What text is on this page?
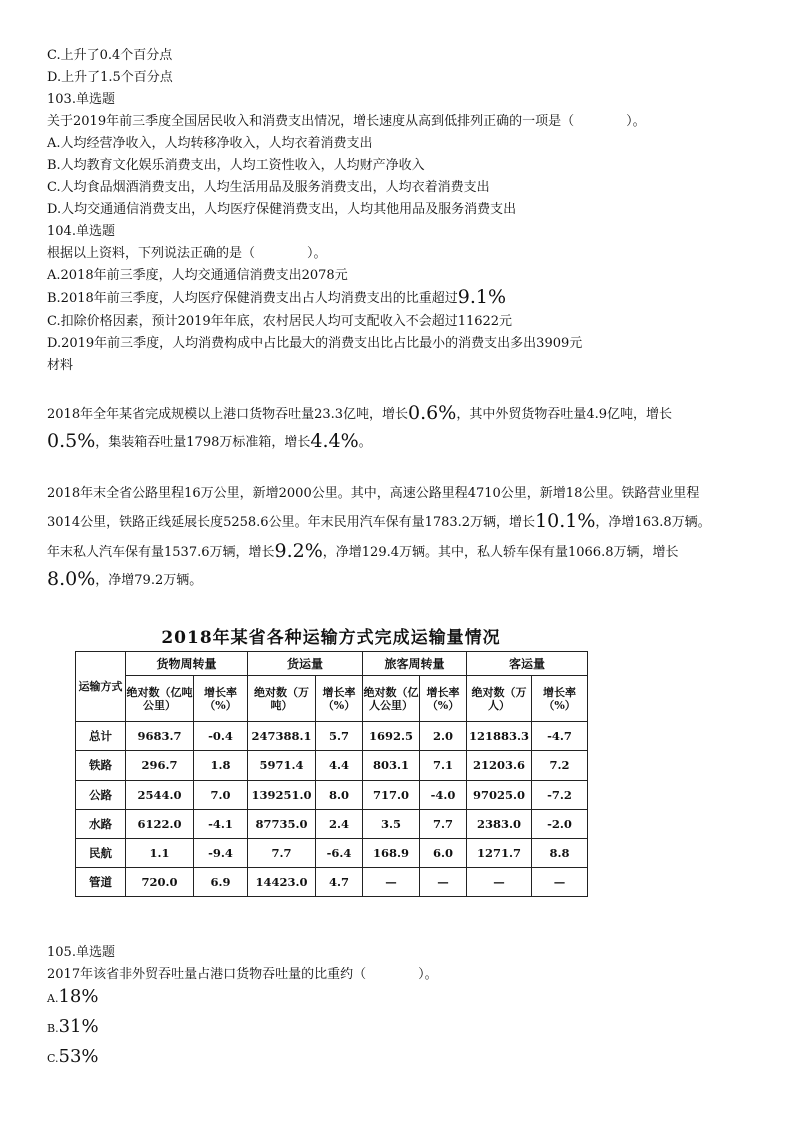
C.上升了0.4个百分点
D.上升了1.5个百分点
103.单选题
关于2019年前三季度全国居民收入和消费支出情况，增长速度从高到低排列正确的一项是（　　　　）。
A.人均经营净收入，人均转移净收入，人均衣着消费支出
B.人均教育文化娱乐消费支出，人均工资性收入，人均财产净收入
C.人均食品烟酒消费支出，人均生活用品及服务消费支出，人均衣着消费支出
D.人均交通通信消费支出，人均医疗保健消费支出，人均其他用品及服务消费支出
104.单选题
根据以上资料，下列说法正确的是（　　　　）。
A.2018年前三季度，人均交通通信消费支出2078元
B.2018年前三季度，人均医疗保健消费支出占人均消费支出的比重超过9.1%
C.扣除价格因素，预计2019年年底，农村居民人均可支配收入不会超过11622元
D.2019年前三季度，人均消费构成中占比最大的消费支出比占比最小的消费支出多出3909元
材料
2018年全年某省完成规模以上港口货物吞吐量23.3亿吨，增长0.6%，其中外贸货物吞吐量4.9亿吨，增长
0.5%，集装箱吞吐量1798万标准箱，增长4.4%。
2018年末全省公路里程16万公里，新增2000公里。其中，高速公路里程4710公里，新增18公里。铁路营业里程
3014公里，铁路正线延展长度5258.6公里。年末民用汽车保有量1783.2万辆，增长10.1%，净增163.8万辆。
年末私人汽车保有量1537.6万辆，增长9.2%，净增129.4万辆。其中，私人轿车保有量1066.8万辆，增长
8.0%，净增79.2万辆。
2018年某省各种运输方式完成运输量情况
运输方式	货物周转量		货运量		旅客周转量		客运量	
	绝对数（亿吨公里）	增长率（%）	绝对数（万吨）	增长率（%）	绝对数（亿人公里）	增长率（%）	绝对数（万人）	增长率（%）
总计	9683.7	-0.4	247388.1	5.7	1692.5	2.0	121883.3	-4.7
铁路	296.7	1.8	5971.4	4.4	803.1	7.1	21203.6	7.2
公路	2544.0	7.0	139251.0	8.0	717.0	-4.0	97025.0	-7.2
水路	6122.0	-4.1	87735.0	2.4	3.5	7.7	2383.0	-2.0
民航	1.1	-9.4	7.7	-6.4	168.9	6.0	1271.7	8.8
管道	720.0	6.9	14423.0	4.7	—	—	—	—
105.单选题
2017年该省非外贸吞吐量占港口货物吞吐量的比重约（　　　　）。
A.18%
B.31%
C.53%
